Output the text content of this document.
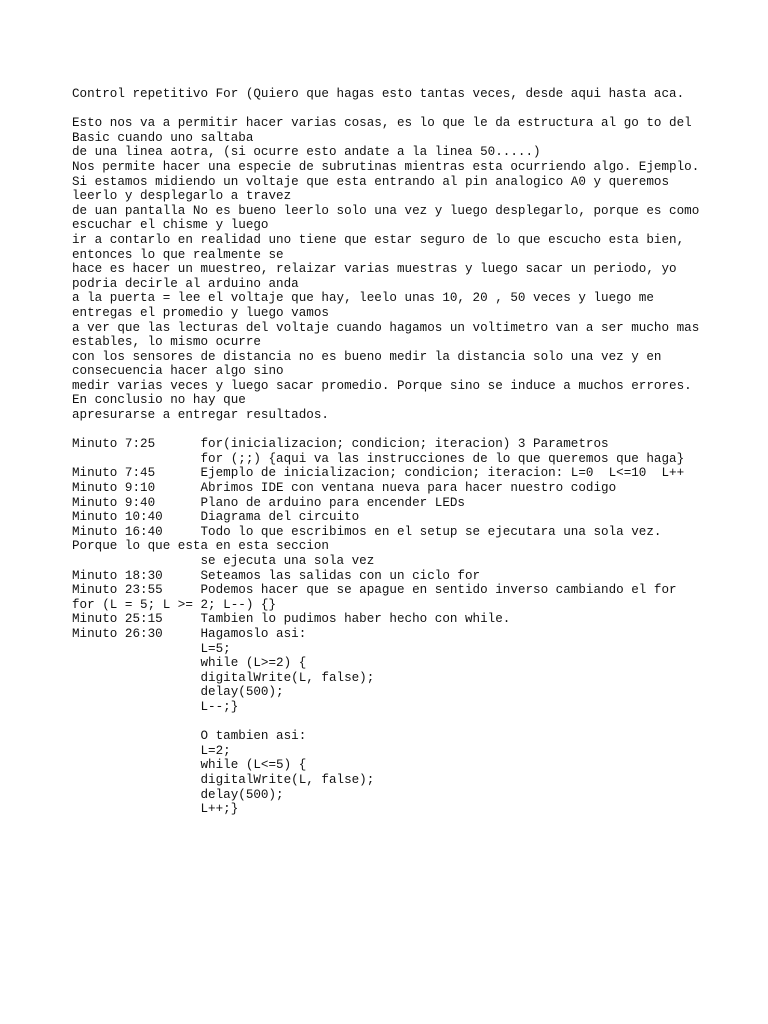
Control repetitivo For (Quiero que hagas esto tantas veces, desde aqui hasta aca.
Esto nos va a permitir hacer varias cosas, es lo que le da estructura al go to del
Basic cuando uno saltaba
de una linea aotra, (si ocurre esto andate a la linea 50.....)
Nos permite hacer una especie de subrutinas mientras esta ocurriendo algo. Ejemplo.
Si estamos midiendo un voltaje que esta entrando al pin analogico A0 y queremos
leerlo y desplegarlo a travez
de uan pantalla No es bueno leerlo solo una vez y luego desplegarlo, porque es como
escuchar el chisme y luego
ir a contarlo en realidad uno tiene que estar seguro de lo que escucho esta bien,
entonces lo que realmente se
hace es hacer un muestreo, relaizar varias muestras y luego sacar un periodo, yo
podria decirle al arduino anda
a la puerta = lee el voltaje que hay, leelo unas 10, 20 , 50 veces y luego me
entregas el promedio y luego vamos
a ver que las lecturas del voltaje cuando hagamos un voltimetro van a ser mucho mas
estables, lo mismo ocurre
con los sensores de distancia no es bueno medir la distancia solo una vez y en
consecuencia hacer algo sino
medir varias veces y luego sacar promedio. Porque sino se induce a muchos errores.
En conclusio no hay que
apresurarse a entregar resultados.
Minuto 7:25      for(inicializacion; condicion; iteracion) 3 Parametros
for (;;) {aqui va las instrucciones de lo que queremos que haga}
Minuto 7:45      Ejemplo de inicializacion; condicion; iteracion: L=0  L<=10  L++
Minuto 9:10      Abrimos IDE con ventana nueva para hacer nuestro codigo
Minuto 9:40      Plano de arduino para encender LEDs
Minuto 10:40     Diagrama del circuito
Minuto 16:40     Todo lo que escribimos en el setup se ejecutara una sola vez.
Porque lo que esta en esta seccion
se ejecuta una sola vez
Minuto 18:30     Seteamos las salidas con un ciclo for
Minuto 23:55     Podemos hacer que se apague en sentido inverso cambiando el for
for (L = 5; L >= 2; L--) {}
Minuto 25:15     Tambien lo pudimos haber hecho con while.
Minuto 26:30     Hagamoslo asi:
L=5;
while (L>=2) {
digitalWrite(L, false);
delay(500);
L--;}
O tambien asi:
L=2;
while (L<=5) {
digitalWrite(L, false);
delay(500);
L++;}
